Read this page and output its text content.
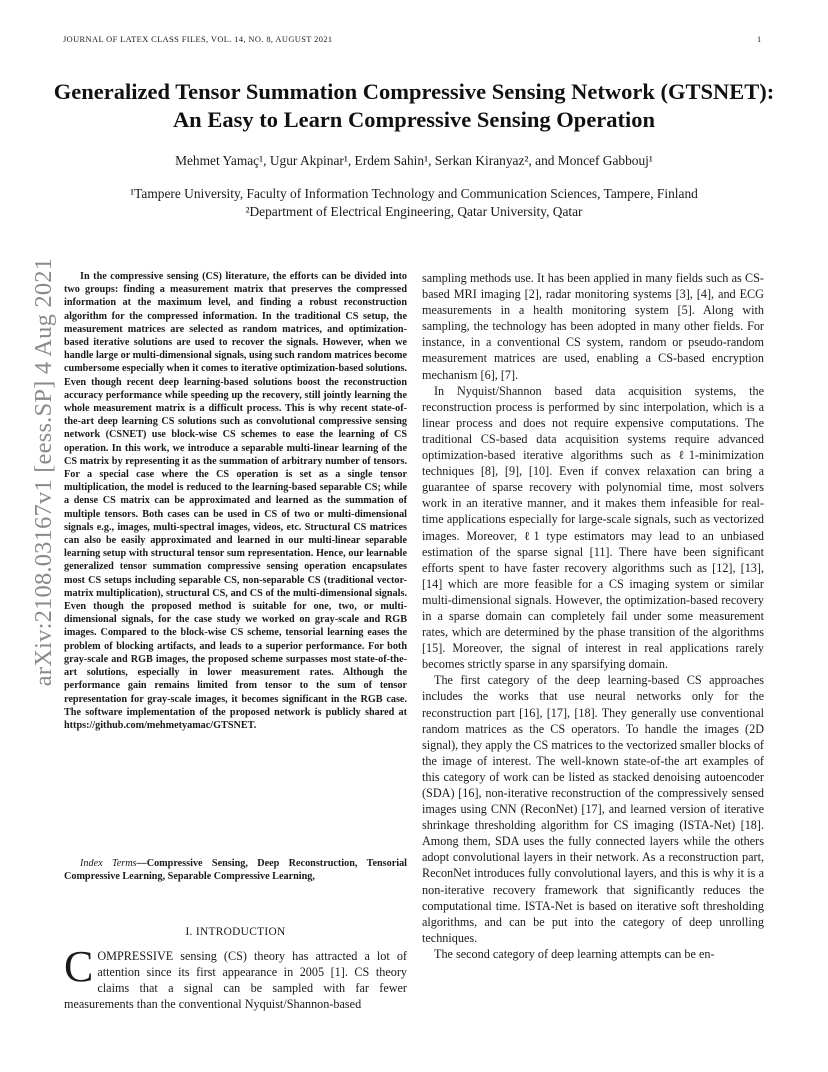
JOURNAL OF LATEX CLASS FILES, VOL. 14, NO. 8, AUGUST 2021	1
Generalized Tensor Summation Compressive Sensing Network (GTSNET): An Easy to Learn Compressive Sensing Operation
Mehmet Yamaç¹, Ugur Akpinar¹, Erdem Sahin¹, Serkan Kiranyaz², and Moncef Gabbouj¹
¹Tampere University, Faculty of Information Technology and Communication Sciences, Tampere, Finland
²Department of Electrical Engineering, Qatar University, Qatar
arXiv:2108.03167v1 [eess.SP] 4 Aug 2021	In the compressive sensing (CS) literature, the efforts can be divided into two groups: finding a measurement matrix that preserves the compressed information at the maximum level, and finding a robust reconstruction algorithm for the compressed information. In the traditional CS setup, the measurement matrices are selected as random matrices, and optimization-based iterative solutions are used to recover the signals. However, when we handle large or multi-dimensional signals, using such random matrices become cumbersome especially when it comes to iterative optimization-based solutions. Even though recent deep learning-based solutions boost the reconstruction accuracy performance while speeding up the recovery, still jointly learning the whole measurement matrix is a difficult process. This is why recent state-of-the-art deep learning CS solutions such as convolutional compressive sensing network (CSNET) use block-wise CS schemes to ease the learning of CS operation. In this work, we introduce a separable multi-linear learning of the CS matrix by representing it as the summation of arbitrary number of tensors. For a special case where the CS operation is set as a single tensor multiplication, the model is reduced to the learning-based separable CS; while a dense CS matrix can be approximated and learned as the summation of multiple tensors. Both cases can be used in CS of two or multi-dimensional signals e.g., images, multi-spectral images, videos, etc. Structural CS matrices can also be easily approximated and learned in our multi-linear separable learning setup with structural tensor sum representation. Hence, our learnable generalized tensor summation compressive sensing operation encapsulates most CS setups including separable CS, non-separable CS (traditional vector-matrix multiplication), structural CS, and CS of the multi-dimensional signals. Even though the proposed method is suitable for one, two, or multi-dimensional signals, for the case study we worked on gray-scale and RGB images. Compared to the block-wise CS scheme, tensorial learning eases the problem of blocking artifacts, and leads to a superior performance. For both gray-scale and RGB images, the proposed scheme surpasses most state-of-the-art solutions, especially in lower measurement rates. Although the performance gain remains limited from tensor to the sum of tensor representation for gray-scale images, it becomes significant in the RGB case. The software implementation of the proposed network is publicly shared at https://github.com/mehmetyamac/GTSNET.
Index Terms—Compressive Sensing, Deep Reconstruction, Tensorial Compressive Learning, Separable Compressive Learning,
I. INTRODUCTION
COMPRESSIVE sensing (CS) theory has attracted a lot of attention since its first appearance in 2005 [1]. CS theory claims that a signal can be sampled with far fewer measurements than the conventional Nyquist/Shannon-based

sampling methods use. It has been applied in many fields such as CS-based MRI imaging [2], radar monitoring systems [3], [4], and ECG measurements in a health monitoring system [5]. Along with sampling, the technology has been adopted in many other fields. For instance, in a conventional CS system, random or pseudo-random measurement matrices are used, enabling a CS-based encryption mechanism [6], [7].

In Nyquist/Shannon based data acquisition systems, the reconstruction process is performed by sinc interpolation, which is a linear process and does not require expensive computations. The traditional CS-based data acquisition systems require advanced optimization-based iterative algorithms such as ℓ1-minimization techniques [8], [9], [10]. Even if convex relaxation can bring a guarantee of sparse recovery with polynomial time, most solvers work in an iterative manner, and it makes them infeasible for real-time applications especially for large-scale signals, such as vectorized images. Moreover, ℓ1 type estimators may lead to an unbiased estimation of the sparse signal [11]. There have been significant efforts spent to have faster recovery algorithms such as [12], [13], [14] which are more feasible for a CS imaging system or similar multi-dimensional signals. However, the optimization-based recovery in a sparse domain can completely fail under some measurement rates, which are determined by the phase transition of the algorithms [15]. Moreover, the signal of interest in real applications rarely becomes strictly sparse in any sparsifying domain.

The first category of the deep learning-based CS approaches includes the works that use neural networks only for the reconstruction part [16], [17], [18]. They generally use conventional random matrices as the CS operators. To handle the images (2D signal), they apply the CS matrices to the vectorized smaller blocks of the image of interest. The well-known state-of-the art examples of this category of work can be listed as stacked denoising autoencoder (SDA) [16], non-iterative reconstruction of the compressively sensed images using CNN (ReconNet) [17], and learned version of iterative shrinkage thresholding algorithm for CS imaging (ISTA-Net) [18]. Among them, SDA uses the fully connected layers while the others adopt convolutional layers in their network. As a reconstruction part, ReconNet introduces fully convolutional layers, and this is why it is a non-iterative recovery framework that significantly reduces the computational time. ISTA-Net is based on iterative soft thresholding algorithms, and can be put into the category of deep unrolling techniques.

The second category of deep learning attempts can be en-
